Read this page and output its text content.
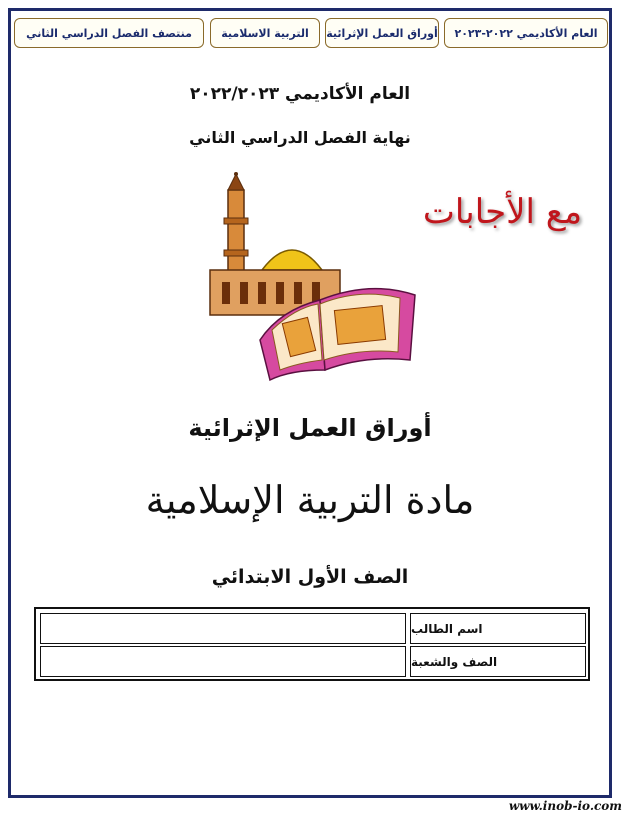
العام الأكاديمي ٢٠٢٢-٢٠٢٣
أوراق العمل الإثرائية
التربية الاسلامية
منتصف الفصل الدراسي الثاني
العام الأكاديمي ٢٠٢٢/٢٠٢٣
نهاية الفصل الدراسي الثاني
مع الأجابات
أوراق العمل الإثرائية
مادة التربية الإسلامية
الصف الأول الابتدائي
اسم الطالب
الصف والشعبة
www.inob-io.com
